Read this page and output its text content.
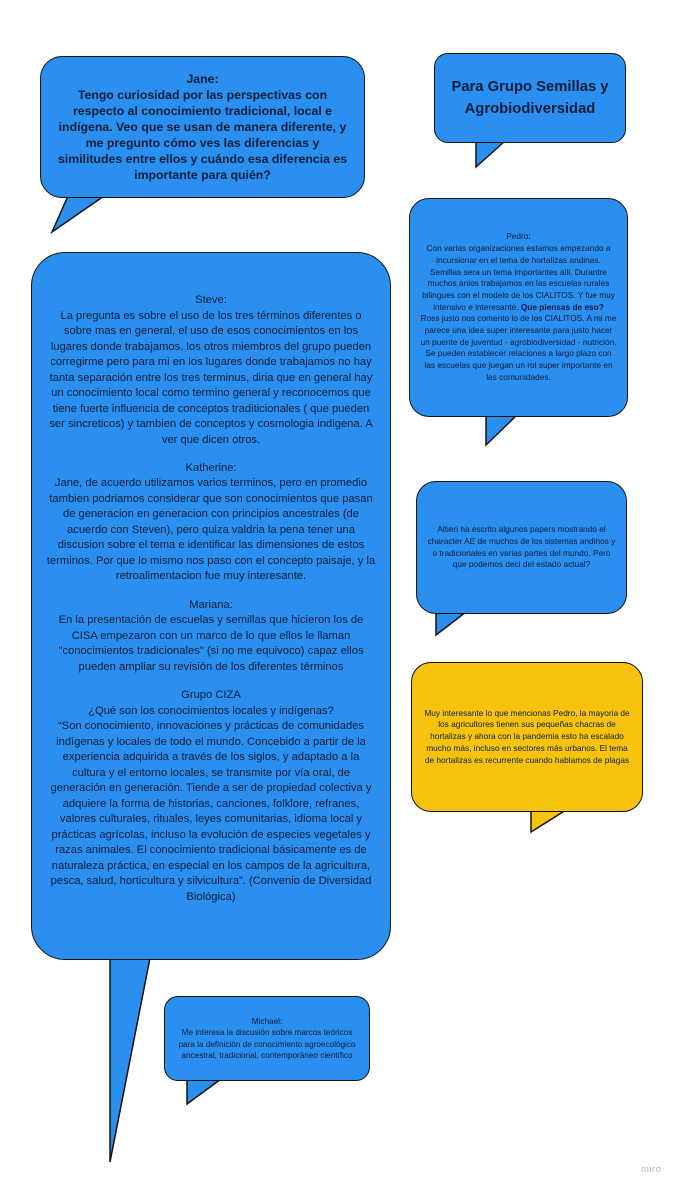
Jane:

Tengo curiosidad por las perspectivas con respecto al conocimiento tradicional, local e indígena. Veo que se usan de manera diferente, y me pregunto cómo ves las diferencias y similitudes entre ellos y cuándo esa diferencia es importante para quién?

Para Grupo Semillas y Agrobiodiversidad

Pedro:

Con varias organizaciones estamos empezando a incursionar en el tema de hortalizas andinas. Semillas sera un tema importantes alli. Durantre muchos anios trabajamos en las escuelas rurales bilingues con el modelo de los CIALITOS. Y fue muy intensivo e interesante. Que piensas de eso?

Ross justo nos comento lo de los CIALITOS. A mi me parece una idea super interesante para justo hacer un puente de juventud - agrobiodiversidad - nutrición. Se pueden establecer relaciones a largo plazo con las escuelas que juegan un rol super importante en las comunidades.

Steve:

La pregunta es sobre el uso de los tres términos diferentes o sobre mas en general, el uso de esos conocimientos en los lugares donde trabajamos. los otros miembros del grupo pueden corregirme pero para mi en los lugares donde trabajamos no hay tanta separación entre los tres terminus, diria que en general hay un conocimiento local como termino general y reconocemos que tiene fuerte influencia de conceptos traditicionales ( que pueden ser sincreticos) y tambien de conceptos y cosmologia indigena. A ver que dicen otros.

Katherine:

Jane, de acuerdo utilizamos varios terminos, pero en promedio tambien podriamos considerar que son conocimientos que pasan de generacion en generacion con principios ancestrales (de acuerdo con Steven), pero quiza valdria la pena tener una discusion sobre el tema e identificar las dimensiones de estos terminos. Por que lo mismo nos paso con el concepto paisaje, y la retroalimentacion fue muy interesante.

Mariana:

En la presentación de escuelas y semillas que hicieron los de CISA empezaron con un marco de lo que ellos le llaman "conocimientos tradicionales" (si no me equivoco) capaz ellos pueden ampliar su revisión de los diferentes términos

Grupo CIZA

¿Qué son los conocimientos locales y indígenas?

“Son conocimiento, innovaciones y prácticas de comunidades indígenas y locales de todo el mundo. Concebido a partir de la experiencia adquirida a través de los siglos, y adaptado a la cultura y el entorno locales, se transmite por vía oral, de generación en generación. Tiende a ser de propiedad colectiva y adquiere la forma de historias, canciones, folklore, refranes, valores culturales, rituales, leyes comunitarias, idioma local y prácticas agrícolas, incluso la evolución de especies vegetales y razas animales. El conocimiento tradicional básicamente es de naturaleza práctica, en especial en los campos de la agricultura, pesca, salud, horticultura y silvicultura”. (Convenio de Diversidad Biológica)

Altieri ha escrito algunos papers mostrando el character AE de muchos de los sistemas andinos y o tradicionales en varias partes del mundo. Pero que podemos deci del estado actual?

Muy interesante lo que mencionas Pedro, la mayoria de los agricultores tienen sus pequeñas chacras de hortalizas y ahora con la pandemia esto ha escalado mucho más, incluso en sectores más urbanos. El tema de hortalizas es recurrente cuando hablamos de plagas

Michael:

Me interesa la discusión sobre marcos teóricos para la definición de conocimiento agroecológico ancestral, tradicional, contemporáneo científico

miro
